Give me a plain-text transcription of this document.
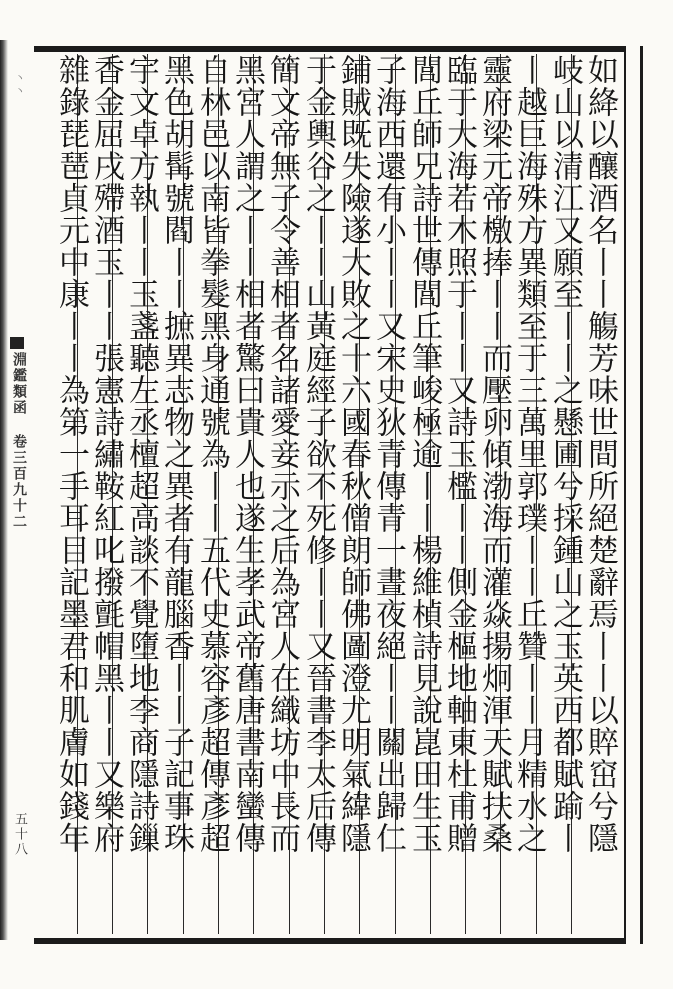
丶丶
淵鑑類函 卷三百九十二
五十八	如絳以釀酒名丨丨觴芳味世間所絕楚辭焉丨丨以賥窋兮隱
岐山以清江又願至丨丨之懸圃兮採鍾山之玉英西都賦踰丨
丨越巨海殊方異類至于三萬里郭璞丨丨丘贊丨丨月精水之
靈府梁元帝檄捧丨丨而壓卵傾渤海而灌焱揚炯渾天賦扶桑
臨于大海若木照于丨丨又詩玉檻丨丨側金樞地軸東杜甫贈
閭丘師兄詩世傳閭丘筆峻極逾丨丨楊維楨詩見說崑田生玉
子海西還有小丨丨又宋史狄青傳青一晝夜絕丨丨關出歸仁
鋪賊既失險遂大敗之十六國春秋僧朗師佛圖澄尤明氣緯隱
于金輿谷之丨丨山黃庭經子欲不死修丨丨又晉書李太后傳
簡文帝無子令善相者名諸愛妾示之后為宮人在織坊中長而
黑宮人謂之丨丨相者驚曰貴人也遂生孝武帝舊唐書南蠻傳
自林邑以南皆拳髮黑身通號為丨丨五代史慕容彥超傳彥超
黑色胡髯號閻丨丨摭異志物之異者有龍腦香丨丨子記事珠
宇文卓方執丨丨玉盞聽左丞檀超高談不覺墮地李商隱詩鏁
香金屈戌殢酒玉丨丨張憲詩繡鞍紅叱撥氈帽黑丨丨又樂府
雜錄琵琶貞元中康丨丨為第一手耳目記墨君和肌膚如錢年
